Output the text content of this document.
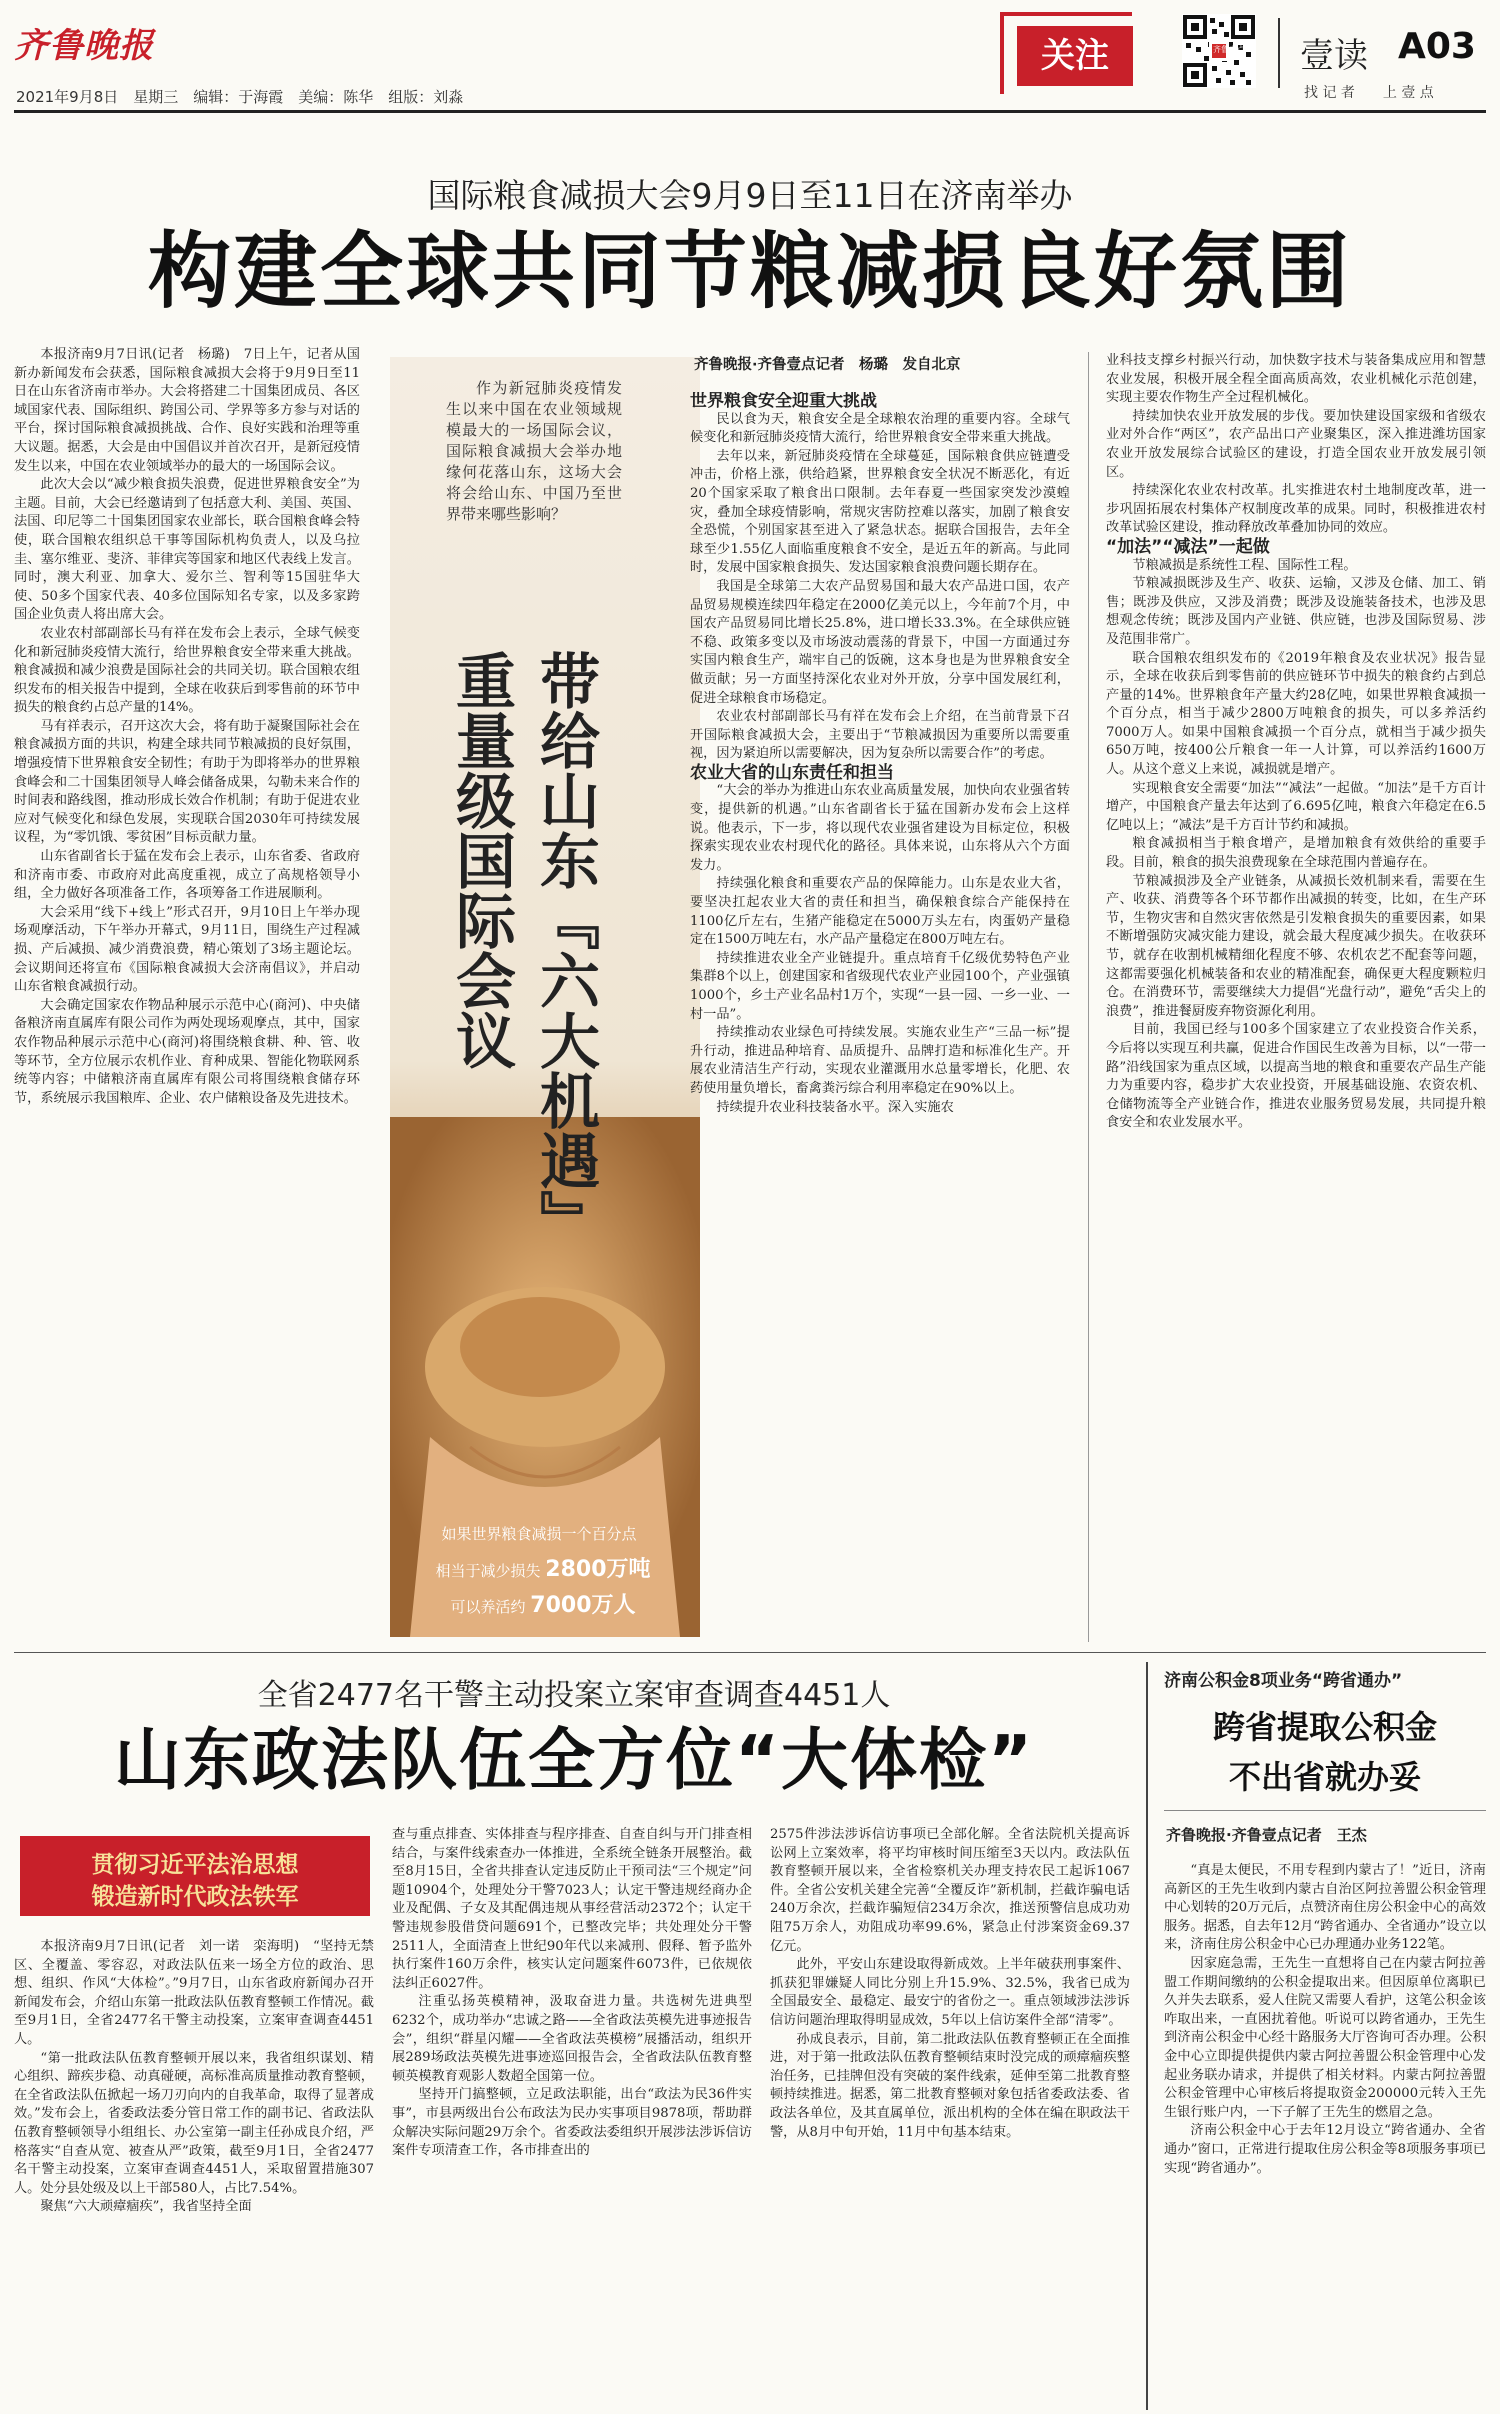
齐鲁晚报
2021年9月8日　星期三　编辑：于海霞　美编：陈华　组版：刘淼
关注	齐鲁壹点 壹读 A03
找 记 者　　上 壹 点
国际粮食减损大会9月9日至11日在济南举办
构建全球共同节粮减损良好氛围

本报济南9月7日讯(记者　杨璐)　7日上午，记者从国新办新闻发布会获悉，国际粮食减损大会将于9月9日至11日在山东省济南市举办。大会将搭建二十国集团成员、各区域国家代表、国际组织、跨国公司、学界等多方参与对话的平台，探讨国际粮食减损挑战、合作、良好实践和治理等重大议题。据悉，大会是由中国倡议并首次召开，是新冠疫情发生以来，中国在农业领域举办的最大的一场国际会议。

此次大会以“减少粮食损失浪费，促进世界粮食安全”为主题。目前，大会已经邀请到了包括意大利、美国、英国、法国、印尼等二十国集团国家农业部长，联合国粮食峰会特使，联合国粮农组织总干事等国际机构负责人，以及乌拉圭、塞尔维亚、斐济、菲律宾等国家和地区代表线上发言。同时，澳大利亚、加拿大、爱尔兰、智利等15国驻华大使、50多个国家代表、40多位国际知名专家，以及多家跨国企业负责人将出席大会。

农业农村部副部长马有祥在发布会上表示，全球气候变化和新冠肺炎疫情大流行，给世界粮食安全带来重大挑战。粮食减损和减少浪费是国际社会的共同关切。联合国粮农组织发布的相关报告中提到，全球在收获后到零售前的环节中损失的粮食约占总产量的14%。

马有祥表示，召开这次大会，将有助于凝聚国际社会在粮食减损方面的共识，构建全球共同节粮减损的良好氛围，增强疫情下世界粮食安全韧性；有助于为即将举办的世界粮食峰会和二十国集团领导人峰会储备成果，勾勒未来合作的时间表和路线图，推动形成长效合作机制；有助于促进农业应对气候变化和绿色发展，实现联合国2030年可持续发展议程，为“零饥饿、零贫困”目标贡献力量。

山东省副省长于猛在发布会上表示，山东省委、省政府和济南市委、市政府对此高度重视，成立了高规格领导小组，全力做好各项准备工作，各项筹备工作进展顺利。

大会采用“线下+线上”形式召开，9月10日上午举办现场观摩活动，下午举办开幕式，9月11日，围绕生产过程减损、产后减损、减少消费浪费，精心策划了3场主题论坛。会议期间还将宣布《国际粮食减损大会济南倡议》，并启动山东省粮食减损行动。

大会确定国家农作物品种展示示范中心(商河)、中央储备粮济南直属库有限公司作为两处现场观摩点，其中，国家农作物品种展示示范中心(商河)将围绕粮食耕、种、管、收等环节，全方位展示农机作业、育种成果、智能化物联网系统等内容；中储粮济南直属库有限公司将围绕粮食储存环节，系统展示我国粮库、企业、农户储粮设备及先进技术。

作为新冠肺炎疫情发生以来中国在农业领域规模最大的一场国际会议，国际粮食减损大会举办地缘何花落山东，这场大会将会给山东、中国乃至世界带来哪些影响？
带给山东『六大机遇』
重量级国际会议
如果世界粮食减损一个百分点
相当于减少损失 2800万吨
可以养活约 7000万人
齐鲁晚报·齐鲁壹点记者　杨璐　发自北京

世界粮食安全迎重大挑战

民以食为天，粮食安全是全球粮农治理的重要内容。全球气候变化和新冠肺炎疫情大流行，给世界粮食安全带来重大挑战。

去年以来，新冠肺炎疫情在全球蔓延，国际粮食供应链遭受冲击，价格上涨，供给趋紧，世界粮食安全状况不断恶化，有近20个国家采取了粮食出口限制。去年春夏一些国家突发沙漠蝗灾，叠加全球疫情影响，常规灾害防控难以落实，加剧了粮食安全恐慌，个别国家甚至进入了紧急状态。据联合国报告，去年全球至少1.55亿人面临重度粮食不安全，是近五年的新高。与此同时，发展中国家粮食损失、发达国家粮食浪费问题长期存在。

我国是全球第二大农产品贸易国和最大农产品进口国，农产品贸易规模连续四年稳定在2000亿美元以上，今年前7个月，中国农产品贸易同比增长25.8%，进口增长33.3%。在全球供应链不稳、政策多变以及市场波动震荡的背景下，中国一方面通过夯实国内粮食生产，端牢自己的饭碗，这本身也是为世界粮食安全做贡献；另一方面坚持深化农业对外开放，分享中国发展红利，促进全球粮食市场稳定。

农业农村部副部长马有祥在发布会上介绍，在当前背景下召开国际粮食减损大会，主要出于“节粮减损因为重要所以需要重视，因为紧迫所以需要解决，因为复杂所以需要合作”的考虑。

农业大省的山东责任和担当

“大会的举办为推进山东农业高质量发展，加快向农业强省转变，提供新的机遇。”山东省副省长于猛在国新办发布会上这样说。他表示，下一步，将以现代农业强省建设为目标定位，积极探索实现农业农村现代化的路径。具体来说，山东将从六个方面发力。

持续强化粮食和重要农产品的保障能力。山东是农业大省，要坚决扛起农业大省的责任和担当，确保粮食综合产能保持在1100亿斤左右，生猪产能稳定在5000万头左右，肉蛋奶产量稳定在1500万吨左右，水产品产量稳定在800万吨左右。

持续推进农业全产业链提升。重点培育千亿级优势特色产业集群8个以上，创建国家和省级现代农业产业园100个，产业强镇1000个，乡土产业名品村1万个，实现“一县一园、一乡一业、一村一品”。

持续推动农业绿色可持续发展。实施农业生产“三品一标”提升行动，推进品种培育、品质提升、品牌打造和标准化生产。开展农业清洁生产行动，实现农业灌溉用水总量零增长，化肥、农药使用量负增长，畜禽粪污综合利用率稳定在90%以上。

持续提升农业科技装备水平。深入实施农

业科技支撑乡村振兴行动，加快数字技术与装备集成应用和智慧农业发展，积极开展全程全面高质高效，农业机械化示范创建，实现主要农作物生产全过程机械化。

持续加快农业开放发展的步伐。要加快建设国家级和省级农业对外合作“两区”，农产品出口产业聚集区，深入推进潍坊国家农业开放发展综合试验区的建设，打造全国农业开放发展引领区。

持续深化农业农村改革。扎实推进农村土地制度改革，进一步巩固拓展农村集体产权制度改革的成果。同时，积极推进农村改革试验区建设，推动释放改革叠加协同的效应。

“加法”“减法”一起做

节粮减损是系统性工程、国际性工程。

节粮减损既涉及生产、收获、运输，又涉及仓储、加工、销售；既涉及供应，又涉及消费；既涉及设施装备技术，也涉及思想观念传统；既涉及国内产业链、供应链，也涉及国际贸易、涉及范围非常广。

联合国粮农组织发布的《2019年粮食及农业状况》报告显示，全球在收获后到零售前的供应链环节中损失的粮食约占到总产量的14%。世界粮食年产量大约28亿吨，如果世界粮食减损一个百分点，相当于减少2800万吨粮食的损失，可以多养活约7000万人。如果中国粮食减损一个百分点，就相当于减少损失650万吨，按400公斤粮食一年一人计算，可以养活约1600万人。从这个意义上来说，减损就是增产。

实现粮食安全需要“加法”“减法”一起做。“加法”是千方百计增产，中国粮食产量去年达到了6.695亿吨，粮食六年稳定在6.5亿吨以上；“减法”是千方百计节约和减损。

粮食减损相当于粮食增产，是增加粮食有效供给的重要手段。目前，粮食的损失浪费现象在全球范围内普遍存在。

节粮减损涉及全产业链条，从减损长效机制来看，需要在生产、收获、消费等各个环节都作出减损的转变，比如，在生产环节，生物灾害和自然灾害依然是引发粮食损失的重要因素，如果不断增强防灾减灾能力建设，就会最大程度减少损失。在收获环节，就存在收割机械精细化程度不够、农机农艺不配套等问题，这都需要强化机械装备和农业的精准配套，确保更大程度颗粒归仓。在消费环节，需要继续大力提倡“光盘行动”，避免“舌尖上的浪费”，推进餐厨废弃物资源化利用。

目前，我国已经与100多个国家建立了农业投资合作关系，今后将以实现互利共赢，促进合作国民生改善为目标，以“一带一路”沿线国家为重点区域，以提高当地的粮食和重要农产品生产能力为重要内容，稳步扩大农业投资，开展基础设施、农资农机、仓储物流等全产业链合作，推进农业服务贸易发展，共同提升粮食安全和农业发展水平。

全省2477名干警主动投案立案审查调查4451人
山东政法队伍全方位“大体检”
贯彻习近平法治思想
锻造新时代政法铁军

本报济南9月7日讯(记者　刘一诺　栾海明)　“坚持无禁区、全覆盖、零容忍，对政法队伍来一场全方位的政治、思想、组织、作风“大体检”。”9月7日，山东省政府新闻办召开新闻发布会，介绍山东第一批政法队伍教育整顿工作情况。截至9月1日，全省2477名干警主动投案，立案审查调查4451人。

“第一批政法队伍教育整顿开展以来，我省组织谋划、精心组织、蹄疾步稳、动真碰硬，高标准高质量推动教育整顿，在全省政法队伍掀起一场刀刃向内的自我革命，取得了显著成效。”发布会上，省委政法委分管日常工作的副书记、省政法队伍教育整顿领导小组组长、办公室第一副主任孙成良介绍，严格落实“自查从宽、被查从严”政策，截至9月1日，全省2477名干警主动投案，立案审查调查4451人，采取留置措施307人。处分县处级及以上干部580人，占比7.54%。

聚焦“六大顽瘴痼疾”，我省坚持全面

查与重点排查、实体排查与程序排查、自查自纠与开门排查相结合，与案件线索查办一体推进，全系统全链条开展整治。截至8月15日，全省共排查认定违反防止干预司法“三个规定”问题10904个，处理处分干警7023人；认定干警违规经商办企业及配偶、子女及其配偶违规从事经营活动2372个；认定干警违规参股借贷问题691个，已整改完毕；共处理处分干警2511人，全面清查上世纪90年代以来减刑、假释、暂予监外执行案件160万余件，核实认定问题案件6073件，已依规依法纠正6027件。

注重弘扬英模精神，汲取奋进力量。共选树先进典型6232个，成功举办“忠诚之路——全省政法英模先进事迹报告会”，组织“群星闪耀——全省政法英模榜”展播活动，组织开展289场政法英模先进事迹巡回报告会，全省政法队伍教育整顿英模教育观影人数超全国第一位。

坚持开门搞整顿，立足政法职能，出台“政法为民36件实事”，市县两级出台公布政法为民办实事项目9878项，帮助群众解决实际问题29万余个。省委政法委组织开展涉法涉诉信访案件专项清查工作，各市排查出的

2575件涉法涉诉信访事项已全部化解。全省法院机关提高诉讼网上立案效率，将平均审核时间压缩至3天以内。政法队伍教育整顿开展以来，全省检察机关办理支持农民工起诉1067件。全省公安机关建全完善“全覆反诈”新机制，拦截诈骗电话240万余次，拦截诈骗短信234万余次，推送预警信息成功劝阻75万余人，劝阻成功率99.6%，紧急止付涉案资金69.37亿元。

此外，平安山东建设取得新成效。上半年破获刑事案件、抓获犯罪嫌疑人同比分别上升15.9%、32.5%，我省已成为全国最安全、最稳定、最安宁的省份之一。重点领域涉法涉诉信访问题治理取得明显成效，5年以上信访案件全部“清零”。

孙成良表示，目前，第二批政法队伍教育整顿正在全面推进，对于第一批政法队伍教育整顿结束时没完成的顽瘴痼疾整治任务，已挂牌但没有突破的案件线索，延伸至第二批教育整顿持续推进。据悉，第二批教育整顿对象包括省委政法委、省政法各单位，及其直属单位，派出机构的全体在编在职政法干警，从8月中旬开始，11月中旬基本结束。

济南公积金8项业务“跨省通办”
跨省提取公积金
不出省就办妥
齐鲁晚报·齐鲁壹点记者　王杰

“真是太便民，不用专程到内蒙古了！”近日，济南高新区的王先生收到内蒙古自治区阿拉善盟公积金管理中心划转的20万元后，点赞济南住房公积金中心的高效服务。据悉，自去年12月“跨省通办、全省通办”设立以来，济南住房公积金中心已办理通办业务122笔。

因家庭急需，王先生一直想将自己在内蒙古阿拉善盟工作期间缴纳的公积金提取出来。但因原单位离职已久并失去联系，爱人住院又需要人看护，这笔公积金该咋取出来，一直困扰着他。听说可以跨省通办，王先生到济南公积金中心经十路服务大厅咨询可否办理。公积金中心立即提供提供内蒙古阿拉善盟公积金管理中心发起业务联办请求，并提供了相关材料。内蒙古阿拉善盟公积金管理中心审核后将提取资金200000元转入王先生银行账户内，一下子解了王先生的燃眉之急。

济南公积金中心于去年12月设立“跨省通办、全省通办”窗口，正常进行提取住房公积金等8项服务事项已实现“跨省通办”。
